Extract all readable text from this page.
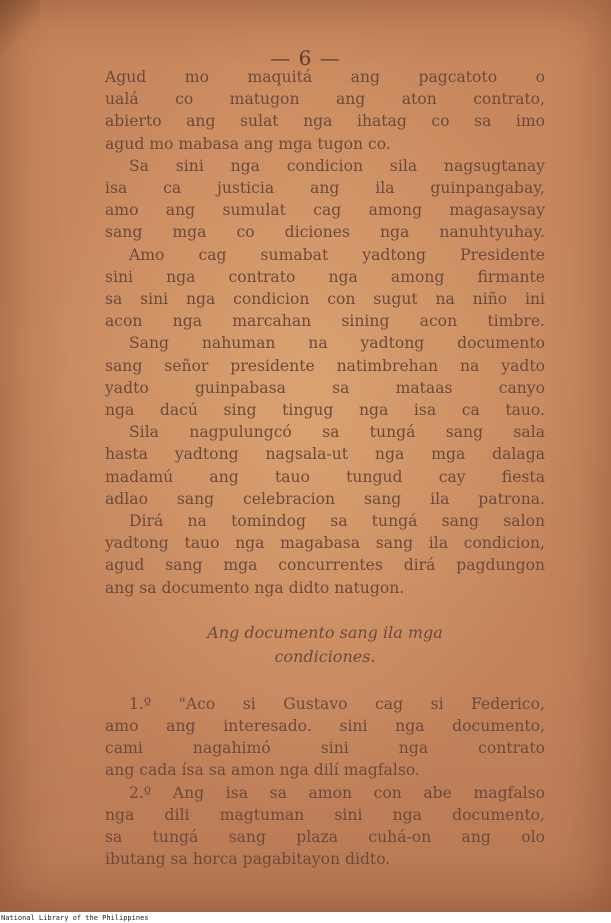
— 6 —
Agud mo maquitá ang pagcatoto o
ualá co matugon ang aton contrato,
abierto ang sulat nga ihatag co sa imo
agud mo mabasa ang mga tugon co.
Sa sini nga condicion sila nagsugtanay
isa ca justicia ang ila guinpangabay,
amo ang sumulat cag among magasaysay
sang mga co diciones nga nanuhtyuhay.
Amo cag sumabat yadtong Presidente
sini nga contrato nga among firmante
sa sini nga condicion con sugut na niño ini
acon nga marcahan sining acon timbre.
Sang nahuman na yadtong documento
sang señor presidente natimbrehan na yadto
yadto guinpabasa sa mataas canyo
nga dacú sing tingug nga isa ca tauo.
Sila nagpulungcó sa tungá sang sala
hasta yadtong nagsala-ut nga mga dalaga
madamú ang tauo tungud cay fiesta
adlao sang celebracion sang ila patrona.
Dirá na tomindog sa tungá sang salon
yadtong tauo nga magabasa sang ila condicion,
agud sang mga concurrentes dirá pagdungon
ang sa documento nga didto natugon.
Ang documento sang ila mga
condiciones.
1.º "Aco si Gustavo cag si Federico,
amo ang interesado. sini nga documento,
cami nagahimó sini nga contrato
ang cada ísa sa amon nga dilí magfalso.
2.º Ang isa sa amon con abe magfalso
nga dili magtuman sini nga documento,
sa tungá sang plaza cuhá-on ang olo
ibutang sa horca pagabitayon didto.
National Library of the Philippines
